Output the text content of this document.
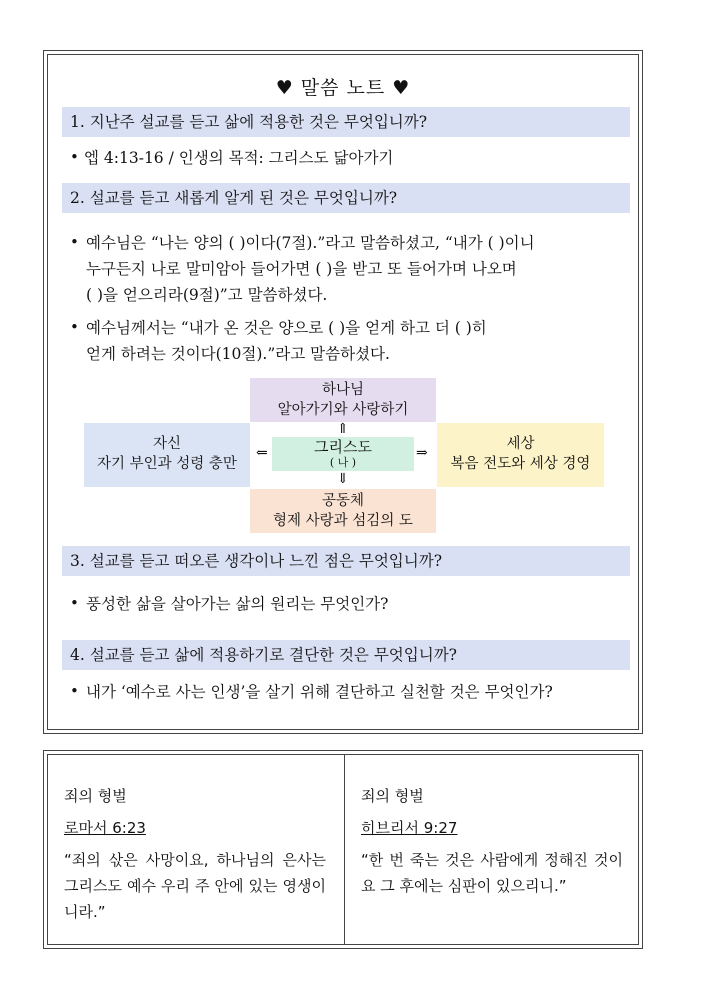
♥ 말씀 노트 ♥
1. 지난주 설교를 듣고 삶에 적용한 것은 무엇입니까?
• 엡 4:13-16 / 인생의 목적: 그리스도 닮아가기
2. 설교를 듣고 새롭게 알게 된 것은 무엇입니까?
• 예수님은 “나는 양의 ( )이다(7절).”라고 말씀하셨고, “내가 ( )이니
누구든지 나로 말미암아 들어가면 ( )을 받고 또 들어가며 나오며
( )을 얻으리라(9절)”고 말씀하셨다.
• 예수님께서는 “내가 온 것은 양으로 ( )을 얻게 하고 더 ( )히
얻게 하려는 것이다(10절).”라고 말씀하셨다.
하나님
알아가기와 사랑하기
자신
자기 부인과 성령 충만
그리스도
( 나 )
세상
복음 전도와 세상 경영
공동체
형제 사랑과 섬김의 도
⇑
⇓
⇐	⇒
3. 설교를 듣고 떠오른 생각이나 느낀 점은 무엇입니까?
• 풍성한 삶을 살아가는 삶의 원리는 무엇인가?
4. 설교를 듣고 삶에 적용하기로 결단한 것은 무엇입니까?
• 내가 ‘예수로 사는 인생’을 살기 위해 결단하고 실천할 것은 무엇인가?
죄의 형벌
로마서 6:23
“죄의 삯은 사망이요, 하나님의 은사는 그리스도 예수 우리 주 안에 있는 영생이니라.”
죄의 형벌
히브리서 9:27
“한 번 죽는 것은 사람에게 정해진 것이요 그 후에는 심판이 있으리니.”
